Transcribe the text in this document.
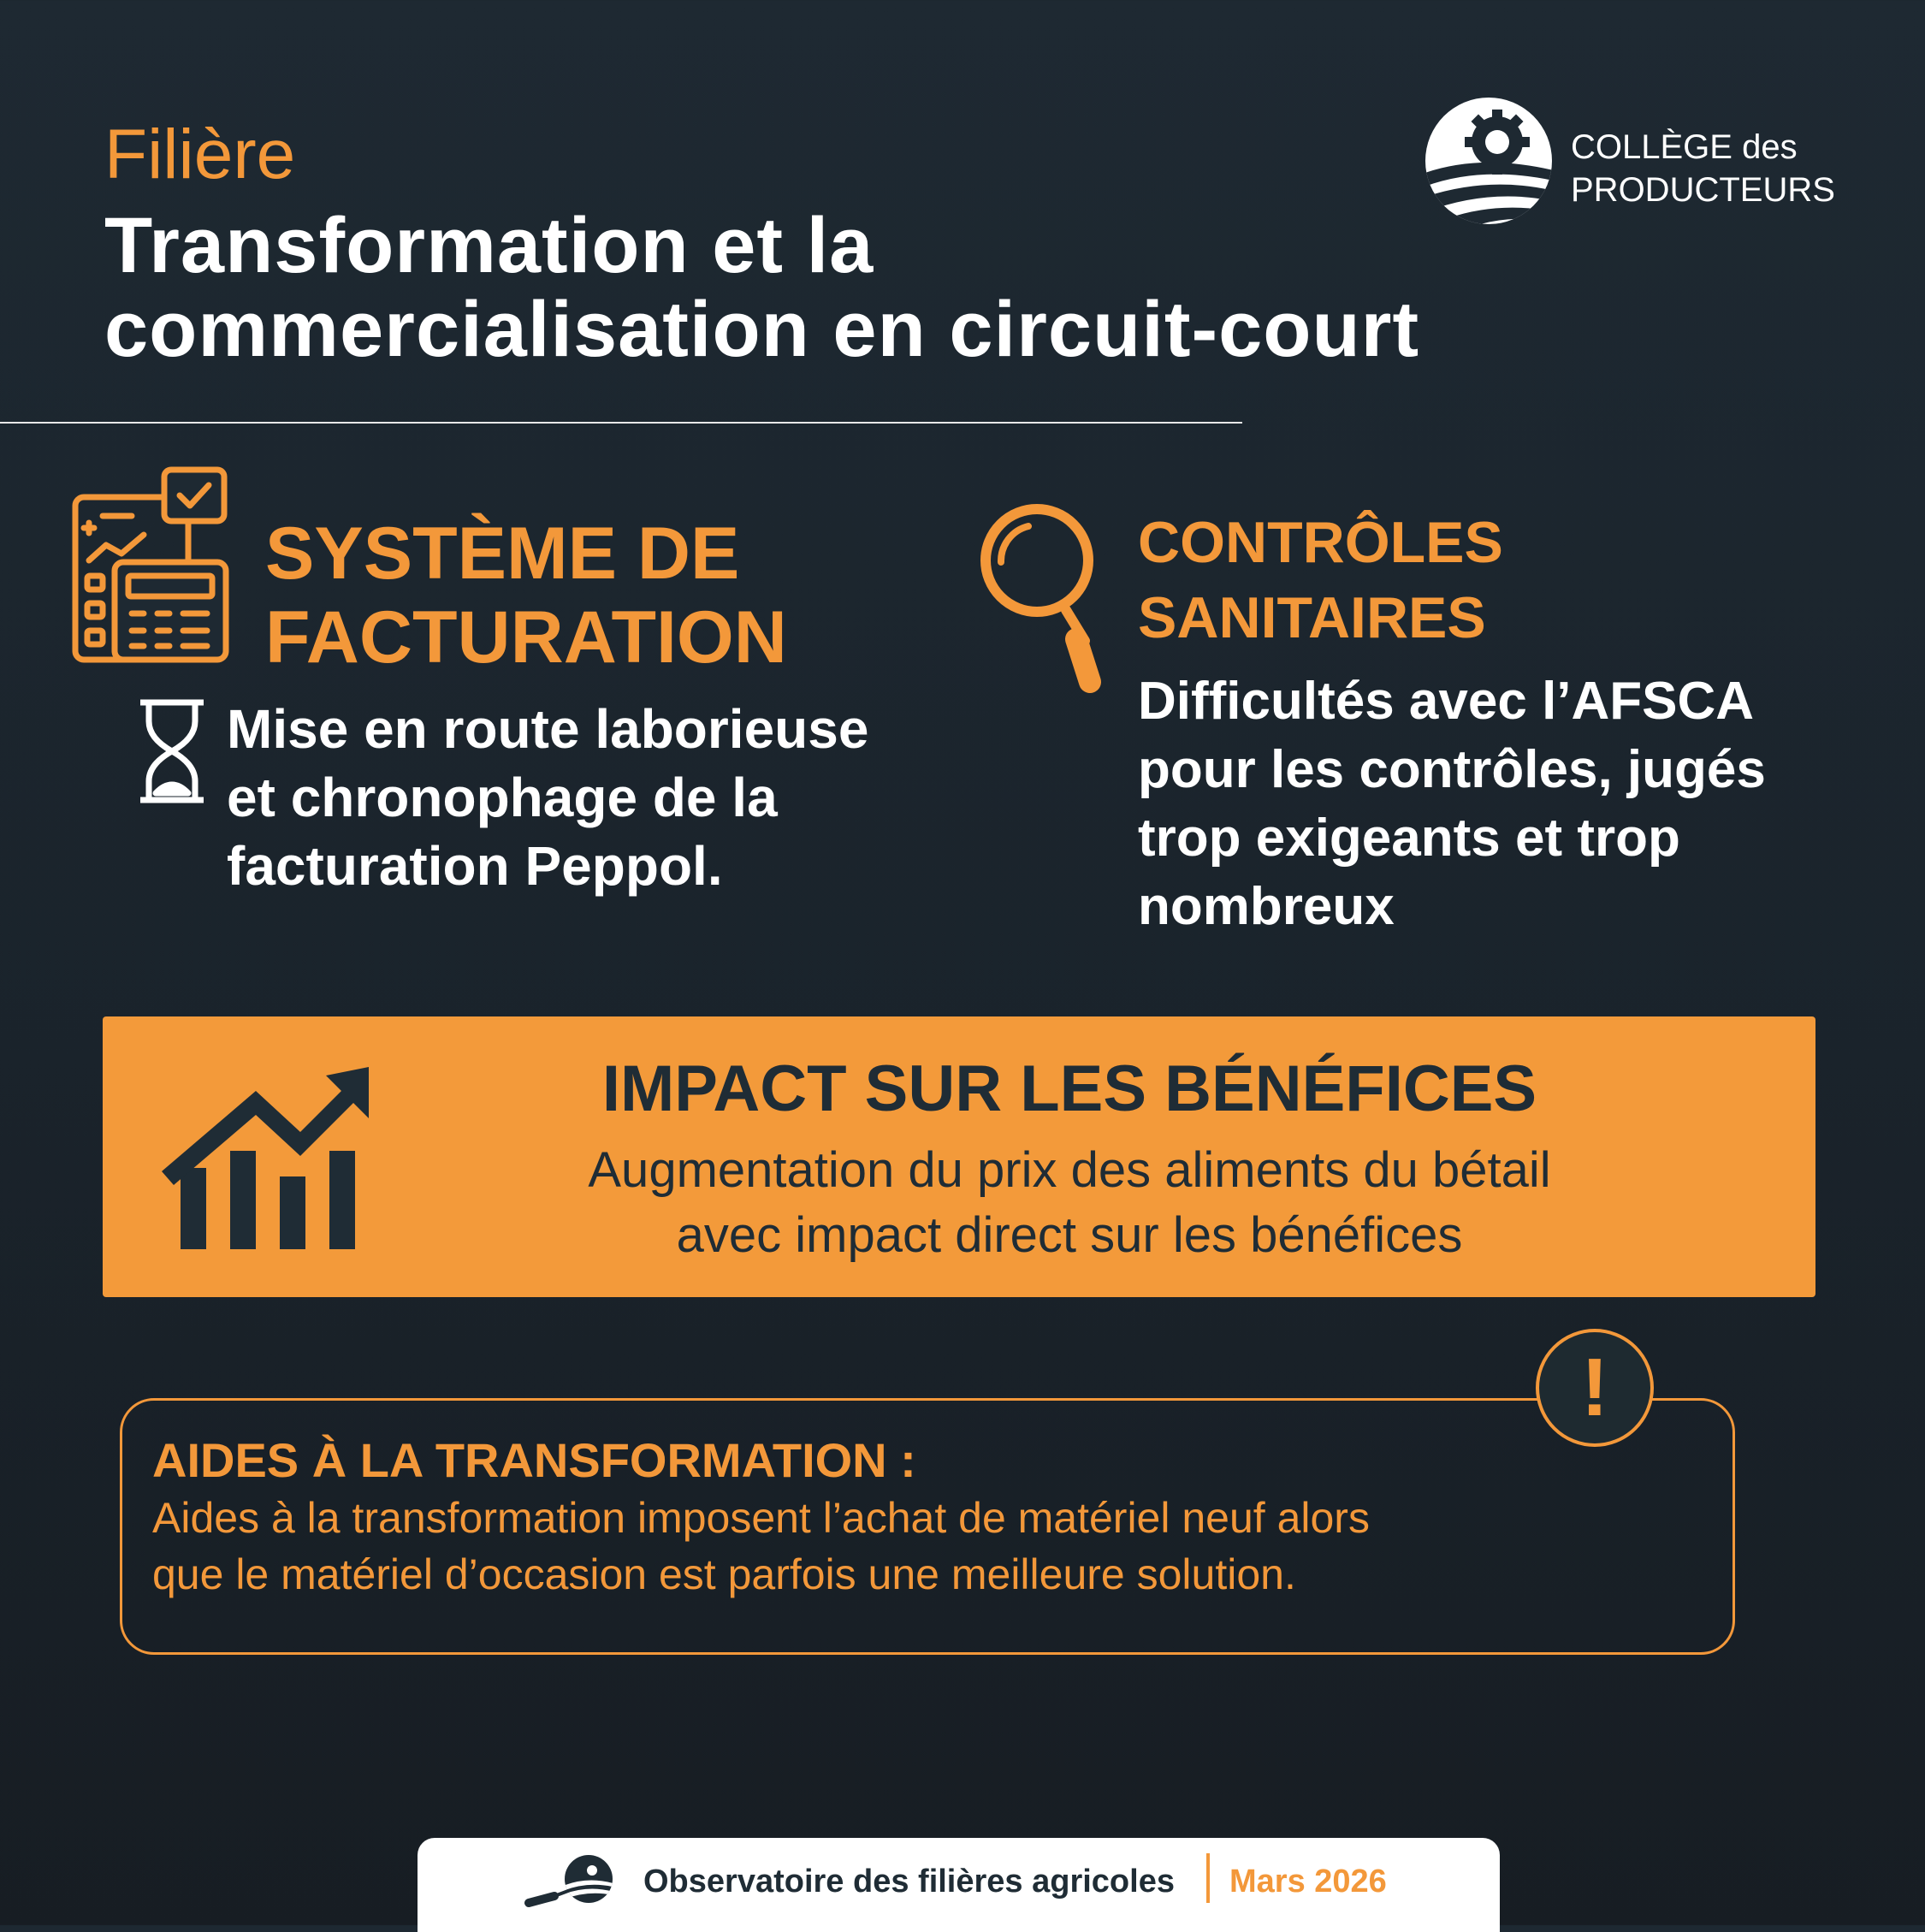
Filière
Transformation et la
commercialisation en circuit-court
COLLÈGE des
PRODUCTEURS
SYSTÈME DE
FACTURATION
Mise en route laborieuse
et chronophage de la
facturation Peppol.
CONTRÔLES
SANITAIRES
Difficultés avec l’AFSCA
pour les contrôles, jugés
trop exigeants et trop
nombreux
IMPACT SUR LES BÉNÉFICES
Augmentation du prix des aliments du bétail
avec impact direct sur les bénéfices
!
AIDES À LA TRANSFORMATION :
Aides à la transformation imposent l’achat de matériel neuf alors
que le matériel d’occasion est parfois une meilleure solution.
Observatoire des filières agricoles Mars 2026
